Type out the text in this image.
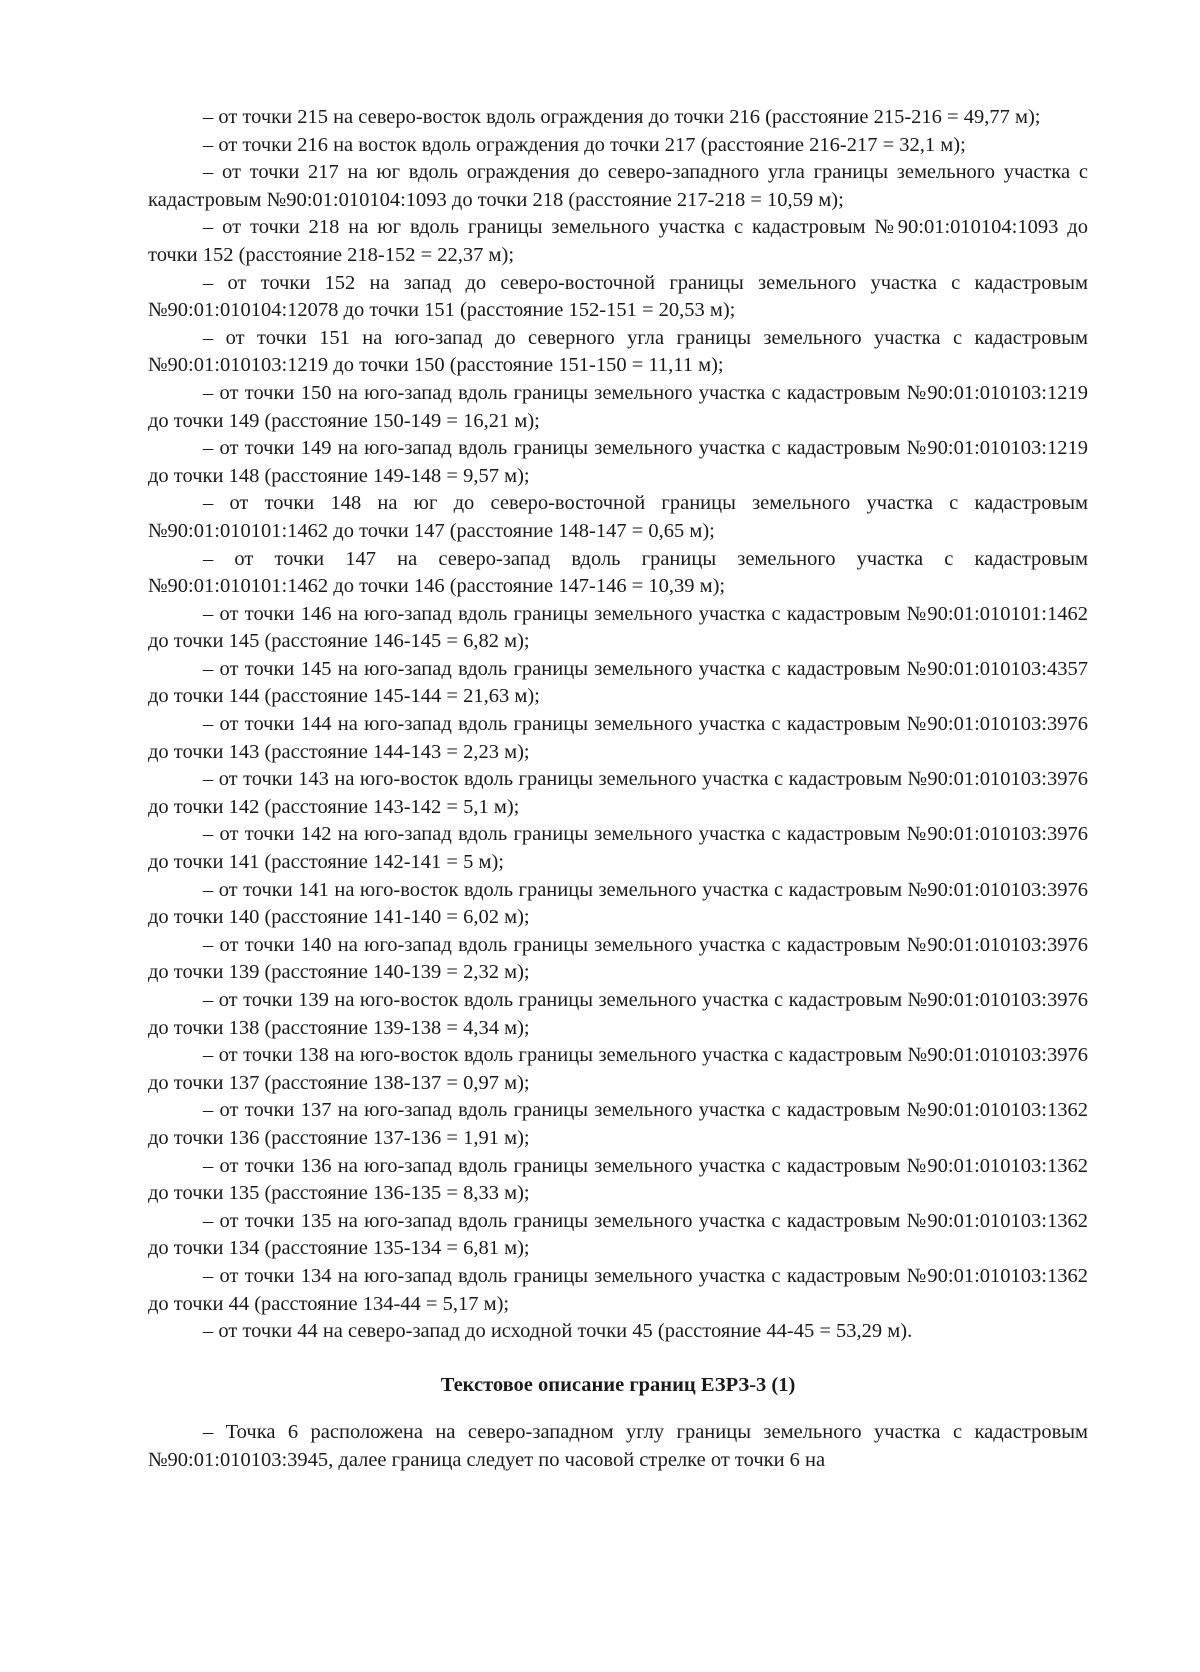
– от точки 215 на северо-восток вдоль ограждения до точки 216 (расстояние 215-216 = 49,77 м);

– от точки 216 на восток вдоль ограждения до точки 217 (расстояние 216-217 = 32,1 м);

– от точки 217 на юг вдоль ограждения до северо-западного угла границы земельного участка с кадастровым №90:01:010104:1093 до точки 218 (расстояние 217-218 = 10,59 м);

– от точки 218 на юг вдоль границы земельного участка с кадастровым №90:01:010104:1093 до точки 152 (расстояние 218-152 = 22,37 м);

– от точки 152 на запад до северо-восточной границы земельного участка с кадастровым №90:01:010104:12078 до точки 151 (расстояние 152-151 = 20,53 м);

– от точки 151 на юго-запад до северного угла границы земельного участка с кадастровым №90:01:010103:1219 до точки 150 (расстояние 151-150 = 11,11 м);

– от точки 150 на юго-запад вдоль границы земельного участка с кадастровым №90:01:010103:1219 до точки 149 (расстояние 150-149 = 16,21 м);

– от точки 149 на юго-запад вдоль границы земельного участка с кадастровым №90:01:010103:1219 до точки 148 (расстояние 149-148 = 9,57 м);

– от точки 148 на юг до северо-восточной границы земельного участка с кадастровым №90:01:010101:1462 до точки 147 (расстояние 148-147 = 0,65 м);

– от точки 147 на северо-запад вдоль границы земельного участка с кадастровым №90:01:010101:1462 до точки 146 (расстояние 147-146 = 10,39 м);

– от точки 146 на юго-запад вдоль границы земельного участка с кадастровым №90:01:010101:1462 до точки 145 (расстояние 146-145 = 6,82 м);

– от точки 145 на юго-запад вдоль границы земельного участка с кадастровым №90:01:010103:4357 до точки 144 (расстояние 145-144 = 21,63 м);

– от точки 144 на юго-запад вдоль границы земельного участка с кадастровым №90:01:010103:3976 до точки 143 (расстояние 144-143 = 2,23 м);

– от точки 143 на юго-восток вдоль границы земельного участка с кадастровым №90:01:010103:3976 до точки 142 (расстояние 143-142 = 5,1 м);

– от точки 142 на юго-запад вдоль границы земельного участка с кадастровым №90:01:010103:3976 до точки 141 (расстояние 142-141 = 5 м);

– от точки 141 на юго-восток вдоль границы земельного участка с кадастровым №90:01:010103:3976 до точки 140 (расстояние 141-140 = 6,02 м);

– от точки 140 на юго-запад вдоль границы земельного участка с кадастровым №90:01:010103:3976 до точки 139 (расстояние 140-139 = 2,32 м);

– от точки 139 на юго-восток вдоль границы земельного участка с кадастровым №90:01:010103:3976 до точки 138 (расстояние 139-138 = 4,34 м);

– от точки 138 на юго-восток вдоль границы земельного участка с кадастровым №90:01:010103:3976 до точки 137 (расстояние 138-137 = 0,97 м);

– от точки 137 на юго-запад вдоль границы земельного участка с кадастровым №90:01:010103:1362 до точки 136 (расстояние 137-136 = 1,91 м);

– от точки 136 на юго-запад вдоль границы земельного участка с кадастровым №90:01:010103:1362 до точки 135 (расстояние 136-135 = 8,33 м);

– от точки 135 на юго-запад вдоль границы земельного участка с кадастровым №90:01:010103:1362 до точки 134 (расстояние 135-134 = 6,81 м);

– от точки 134 на юго-запад вдоль границы земельного участка с кадастровым №90:01:010103:1362 до точки 44 (расстояние 134-44 = 5,17 м);

– от точки 44 на северо-запад до исходной точки 45 (расстояние 44-45 = 53,29 м).

Текстовое описание границ ЕЗРЗ-3 (1)

– Точка 6 расположена на северо-западном углу границы земельного участка с кадастровым №90:01:010103:3945, далее граница следует по часовой стрелке от точки 6 на
